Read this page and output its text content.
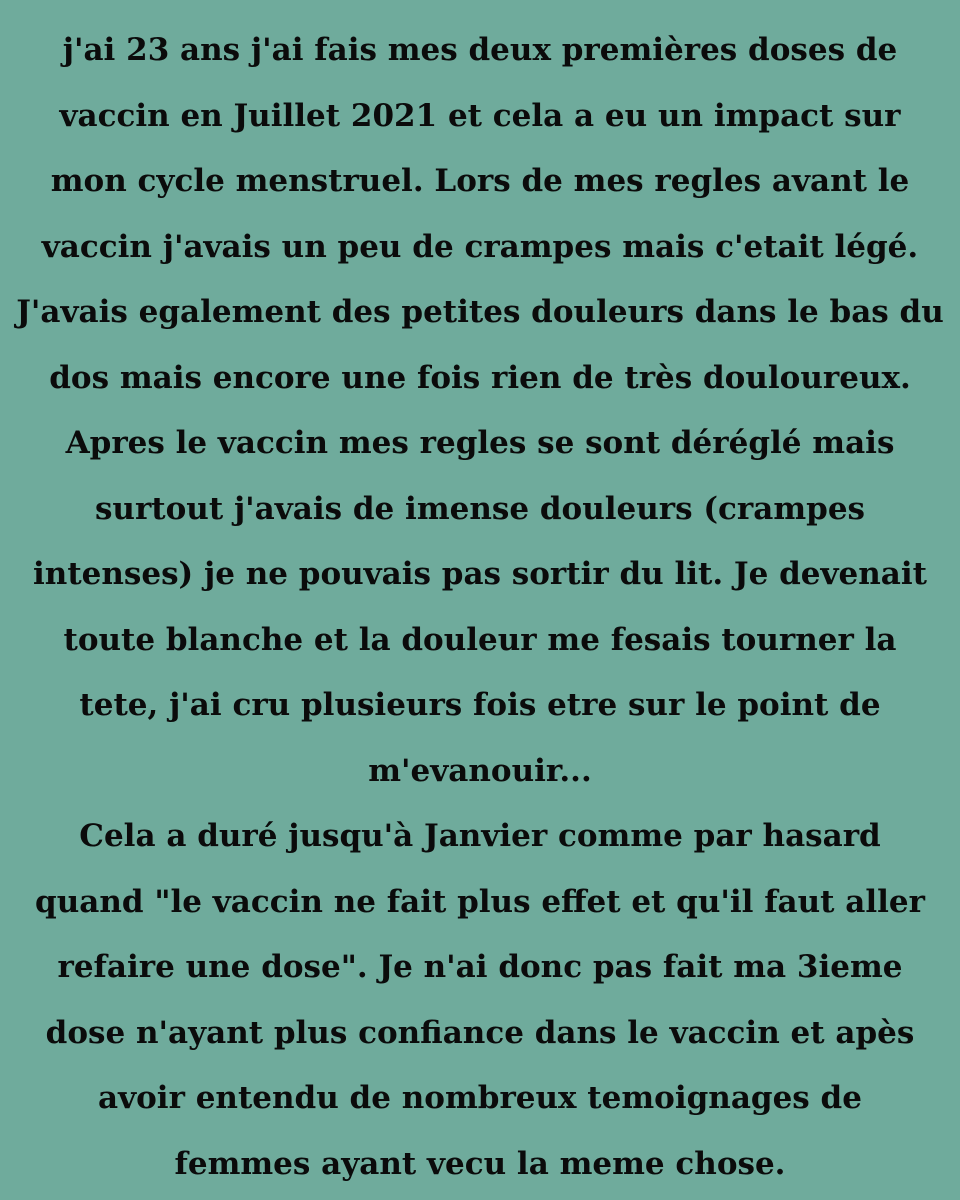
j'ai 23 ans j'ai fais mes deux premières doses de
vaccin en Juillet 2021 et cela a eu un impact sur
mon cycle menstruel. Lors de mes regles avant le
vaccin j'avais un peu de crampes mais c'etait légé.
J'avais egalement des petites douleurs dans le bas du
dos mais encore une fois rien de très douloureux.
Apres le vaccin mes regles se sont déréglé mais
surtout j'avais de imense douleurs (crampes
intenses) je ne pouvais pas sortir du lit. Je devenait
toute blanche et la douleur me fesais tourner la
tete, j'ai cru plusieurs fois etre sur le point de
m'evanouir...
Cela a duré jusqu'à Janvier comme par hasard
quand "le vaccin ne fait plus effet et qu'il faut aller
refaire une dose". Je n'ai donc pas fait ma 3ieme
dose n'ayant plus confiance dans le vaccin et apès
avoir entendu de nombreux temoignages de
femmes ayant vecu la meme chose.
